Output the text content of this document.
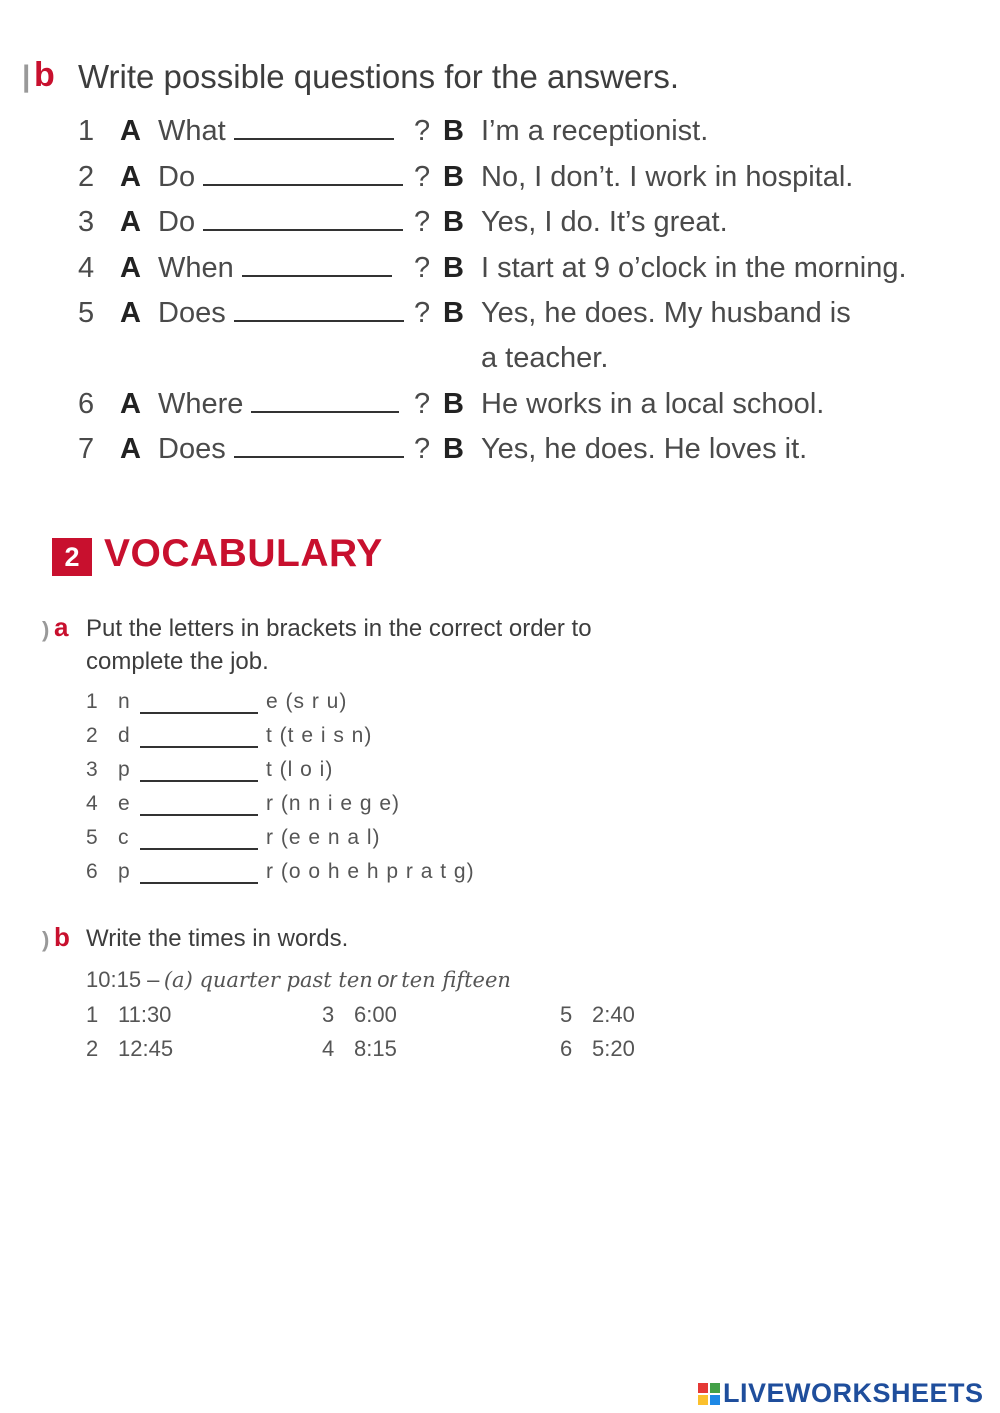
| b Write possible questions for the answers.
1 A What	? B I’m a receptionist.
2 A Do	? B No, I don’t. I work in hospital.
3 A Do	? B Yes, I do. It’s great.
4 A When	? B I start at 9 o’clock in the morning.
5 A Does	? B Yes, he does. My husband is
a teacher.
6 A Where	? B He works in a local school.
7 A Does	? B Yes, he does. He loves it.
2 VOCABULARY
) a Put the letters in brackets in the correct order to
complete the job.
1 n	e (s r u)
2 d	t (t e i s n)
3 p	t (l o i)
4 e	r (n n i e g e)
5 c	r (e e n a l)
6 p	r (o o h e h p r a t g)
) b Write the times in words.
10:15 – (a) quarter past ten or ten fifteen
1 11:30	3 6:00	5 2:40
2 12:45	4 8:15	6 5:20
LIVEWORKSHEETS
